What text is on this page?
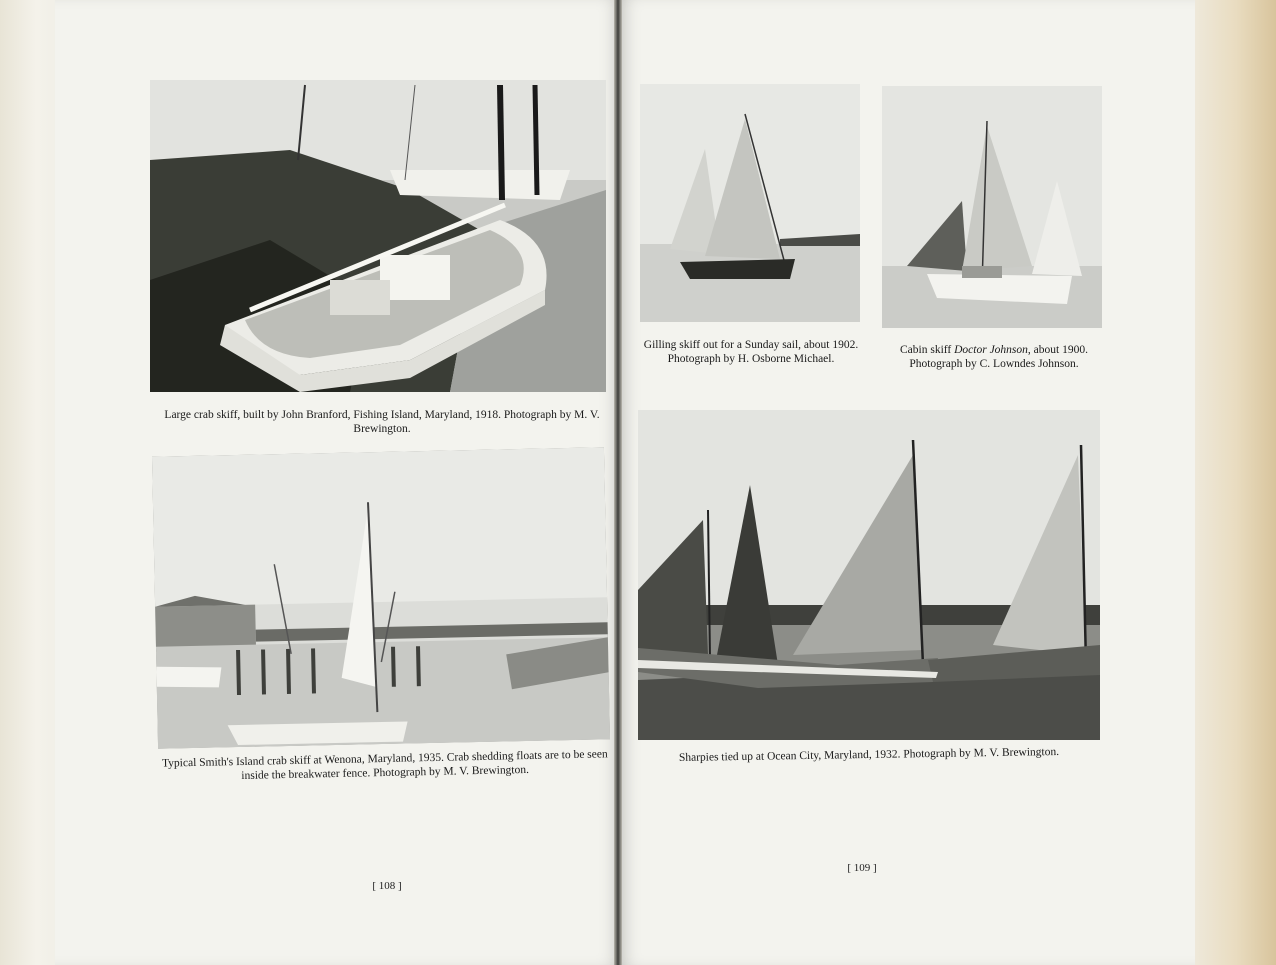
Large crab skiff, built by John Branford, Fishing Island, Maryland, 1918. Photograph by M. V. Brewington.
Typical Smith's Island crab skiff at Wenona, Maryland, 1935. Crab shedding floats are to be seen inside the breakwater fence. Photograph by M. V. Brewington.
[ 108 ]
Gilling skiff out for a Sunday sail, about 1902. Photograph by H. Osborne Michael.
Cabin skiff Doctor Johnson, about 1900. Photograph by C. Lowndes Johnson.
Sharpies tied up at Ocean City, Maryland, 1932. Photograph by M. V. Brewington.
[ 109 ]
